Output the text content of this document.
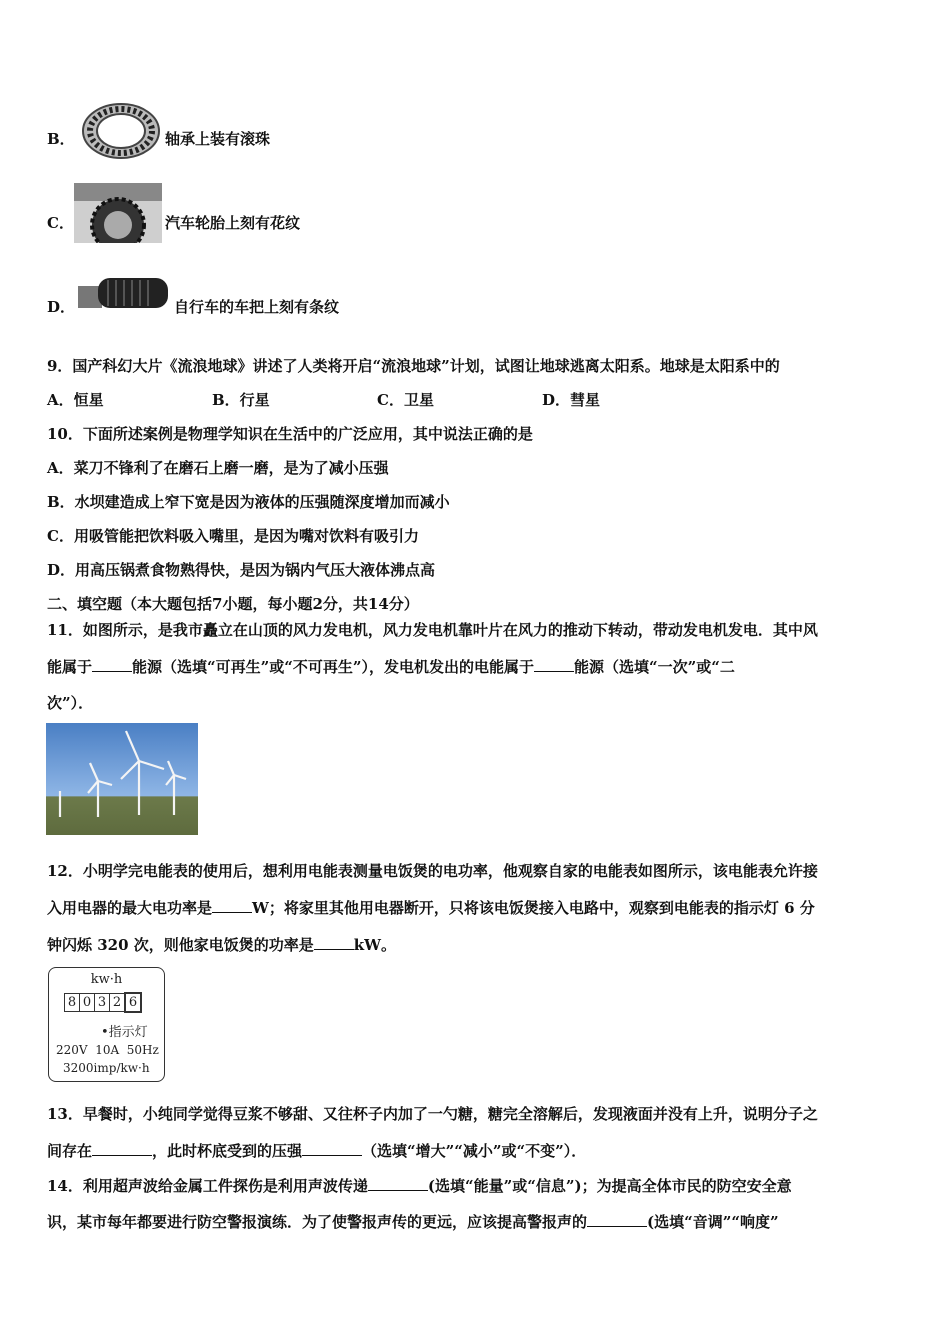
B．	轴承上装有滚珠
C．	汽车轮胎上刻有花纹
D．	自行车的车把上刻有条纹
9．国产科幻大片《流浪地球》讲述了人类将开启“流浪地球”计划，试图让地球逃离太阳系。地球是太阳系中的
A．恒星	B．行星	C．卫星	D．彗星
10．下面所述案例是物理学知识在生活中的广泛应用，其中说法正确的是
A．菜刀不锋利了在磨石上磨一磨，是为了减小压强
B．水坝建造成上窄下宽是因为液体的压强随深度增加而减小
C．用吸管能把饮料吸入嘴里，是因为嘴对饮料有吸引力
D．用高压锅煮食物熟得快，是因为锅内气压大液体沸点高
二、填空题（本大题包括7小题，每小题2分，共14分）
11．如图所示，是我市矗立在山顶的风力发电机，风力发电机靠叶片在风力的推动下转动，带动发电机发电．其中风
能属于	能源（选填“可再生”或“不可再生”），发电机发出的电能属于	能源（选填“一次”或“二
次”）．
12．小明学完电能表的使用后，想利用电能表测量电饭煲的电功率，他观察自家的电能表如图所示，该电能表允许接
入用电器的最大电功率是	W；将家里其他用电器断开，只将该电饭煲接入电路中，观察到电能表的指示灯 6 分
钟闪烁 320 次，则他家电饭煲的功率是	kW。
kw·h
8 0 3 2 6
•指示灯
220V  10A  50Hz
3200imp/kw·h
13．早餐时，小纯同学觉得豆浆不够甜、又往杯子内加了一勺糖，糖完全溶解后，发现液面并没有上升，说明分子之
间存在	，此时杯底受到的压强	（选填“增大”“减小”或“不变”）．
14．利用超声波给金属工件探伤是利用声波传递	(选填“能量”或“信息”)；为提高全体市民的防空安全意
识，某市每年都要进行防空警报演练．为了使警报声传的更远，应该提高警报声的	(选填“音调”“响度”
